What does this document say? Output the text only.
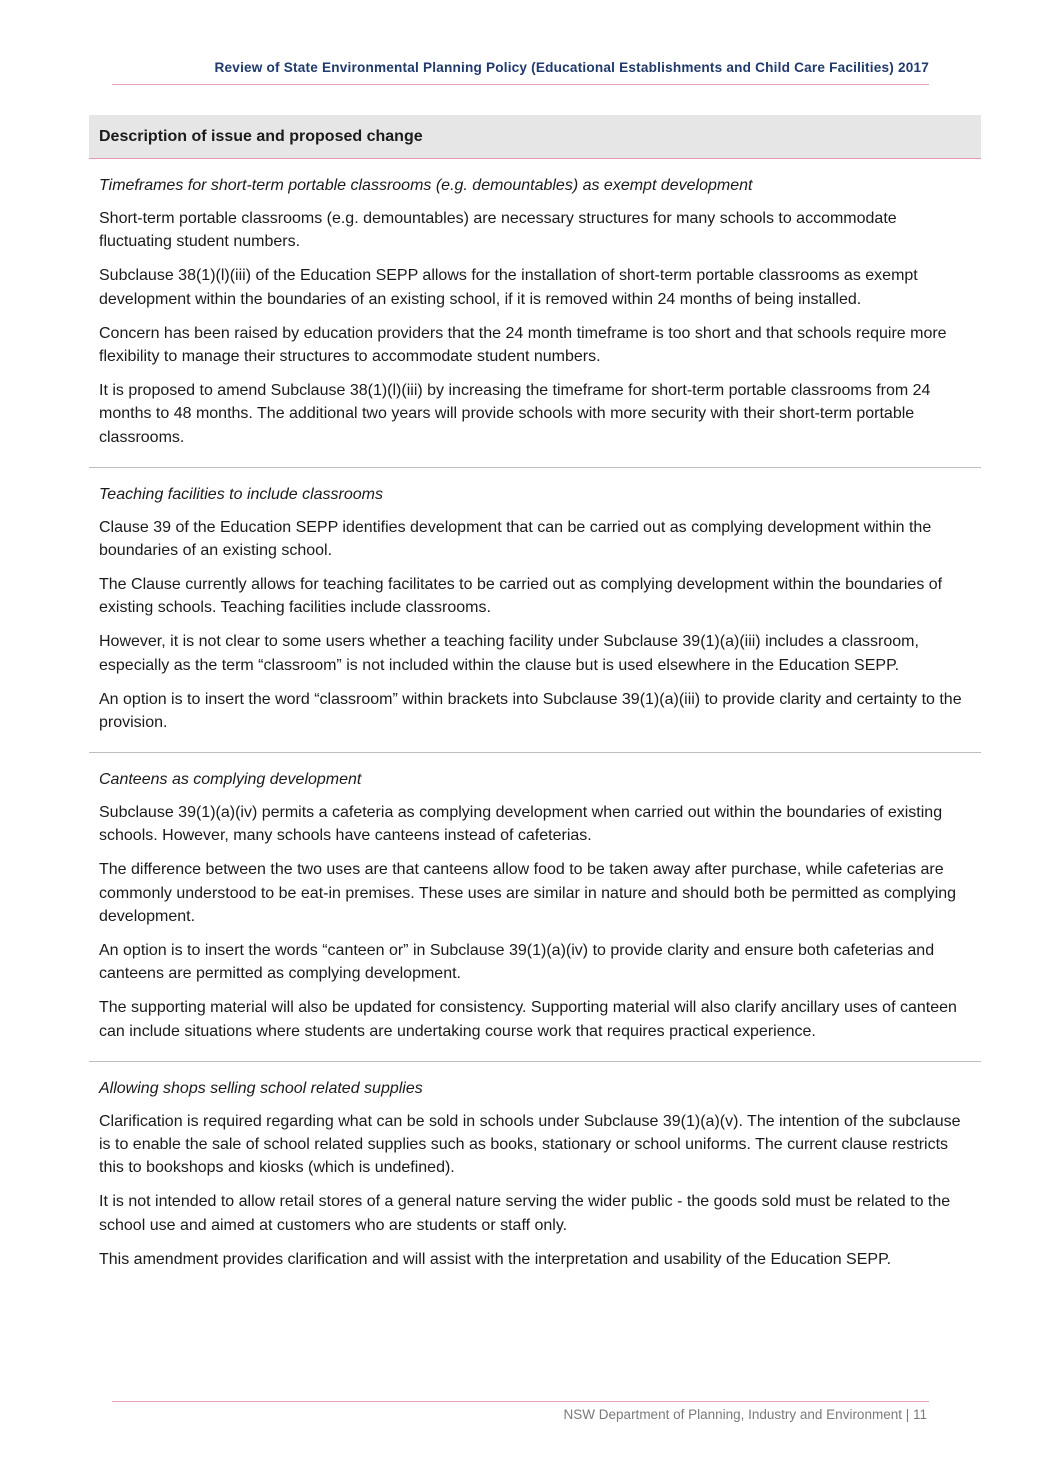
Review of State Environmental Planning Policy (Educational Establishments and Child Care Facilities) 2017
Description of issue and proposed change

Timeframes for short-term portable classrooms (e.g. demountables) as exempt development

Short-term portable classrooms (e.g. demountables) are necessary structures for many schools to accommodate fluctuating student numbers.

Subclause 38(1)(l)(iii) of the Education SEPP allows for the installation of short-term portable classrooms as exempt development within the boundaries of an existing school, if it is removed within 24 months of being installed.

Concern has been raised by education providers that the 24 month timeframe is too short and that schools require more flexibility to manage their structures to accommodate student numbers.

It is proposed to amend Subclause 38(1)(l)(iii) by increasing the timeframe for short-term portable classrooms from 24 months to 48 months. The additional two years will provide schools with more security with their short-term portable classrooms.

Teaching facilities to include classrooms

Clause 39 of the Education SEPP identifies development that can be carried out as complying development within the boundaries of an existing school.

The Clause currently allows for teaching facilitates to be carried out as complying development within the boundaries of existing schools. Teaching facilities include classrooms.

However, it is not clear to some users whether a teaching facility under Subclause 39(1)(a)(iii) includes a classroom, especially as the term “classroom” is not included within the clause but is used elsewhere in the Education SEPP.

An option is to insert the word “classroom” within brackets into Subclause 39(1)(a)(iii) to provide clarity and certainty to the provision.

Canteens as complying development

Subclause 39(1)(a)(iv) permits a cafeteria as complying development when carried out within the boundaries of existing schools. However, many schools have canteens instead of cafeterias.

The difference between the two uses are that canteens allow food to be taken away after purchase, while cafeterias are commonly understood to be eat-in premises. These uses are similar in nature and should both be permitted as complying development.

An option is to insert the words “canteen or” in Subclause 39(1)(a)(iv) to provide clarity and ensure both cafeterias and canteens are permitted as complying development.

The supporting material will also be updated for consistency. Supporting material will also clarify ancillary uses of canteen can include situations where students are undertaking course work that requires practical experience.

Allowing shops selling school related supplies

Clarification is required regarding what can be sold in schools under Subclause 39(1)(a)(v). The intention of the subclause is to enable the sale of school related supplies such as books, stationary or school uniforms. The current clause restricts this to bookshops and kiosks (which is undefined).

It is not intended to allow retail stores of a general nature serving the wider public - the goods sold must be related to the school use and aimed at customers who are students or staff only.

This amendment provides clarification and will assist with the interpretation and usability of the Education SEPP.

NSW Department of Planning, Industry and Environment | 11
